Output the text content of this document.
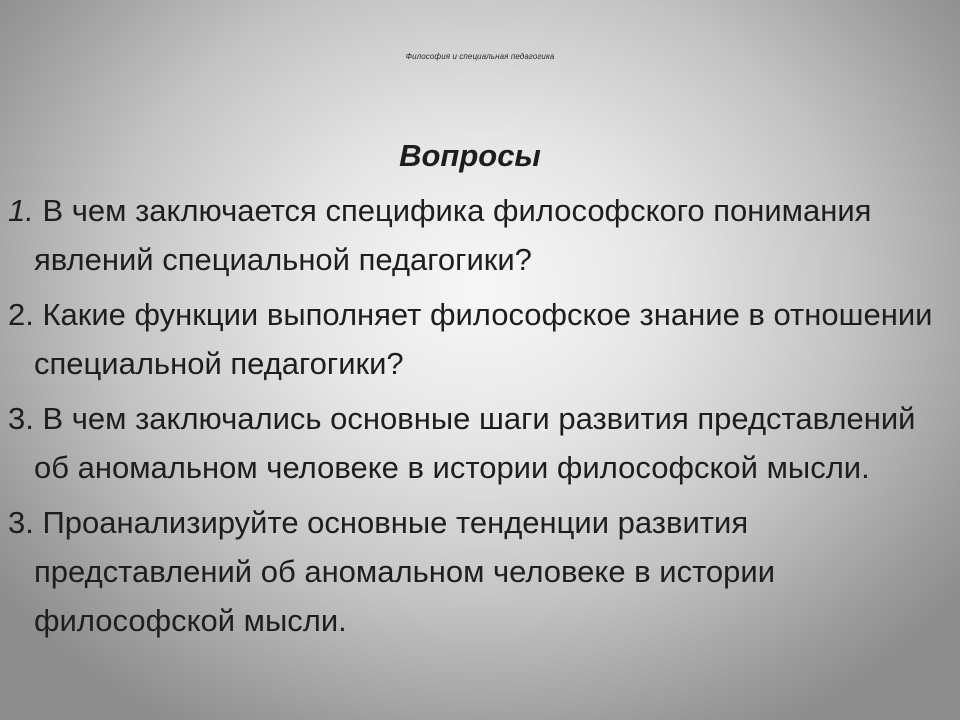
Философия и специальная педагогика
Вопросы
1. В чем заключается специфика философского понимания явлений специальной педагогики?
2. Какие функции выполняет философское знание в отношении специальной педагогики?
3. В чем заключались основные шаги развития представлений об аномальном человеке в истории философской мысли.
3. Проанализируйте основные тенденции развития представлений об аномальном человеке в истории философской мысли.
